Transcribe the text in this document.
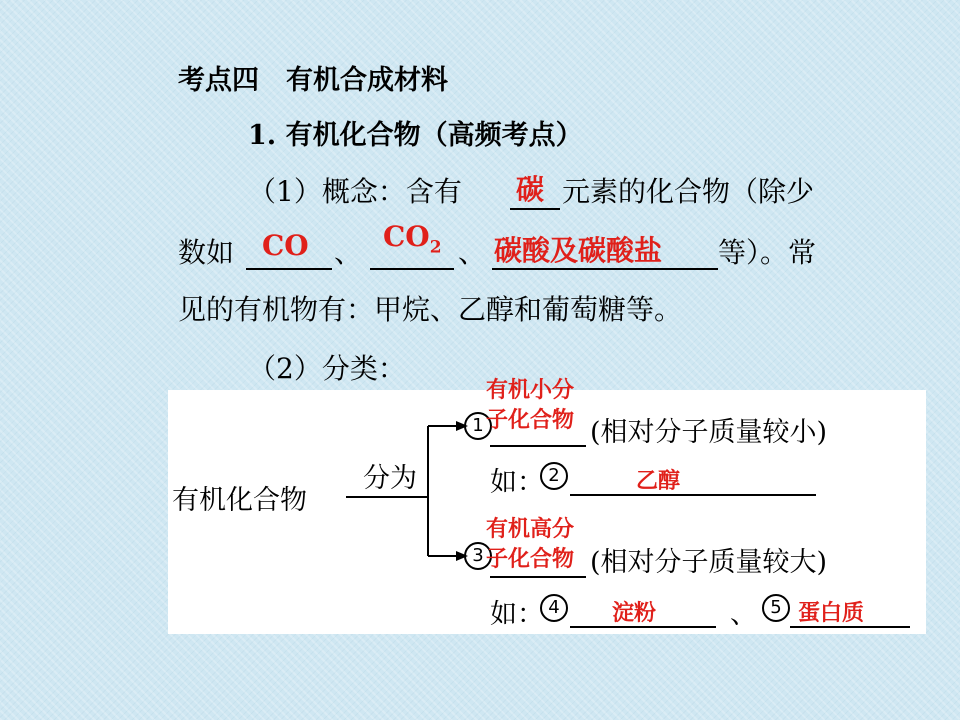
考点四　有机合成材料
1. 有机化合物（高频考点）
（1）概念：含有 碳 元素的化合物（除少
数如 CO 、 $CO_2$ 、 碳酸及碳酸盐 等）。常
见的有机物有：甲烷、乙醇和葡萄糖等。
（2）分类：
有机化合物
分为
1	(相对分子质量较小)
如： 2	乙醇
3	(相对分子质量较大)
如： 4	淀粉	、 5 蛋白质
有机小分
子化合物
有机高分
子化合物
